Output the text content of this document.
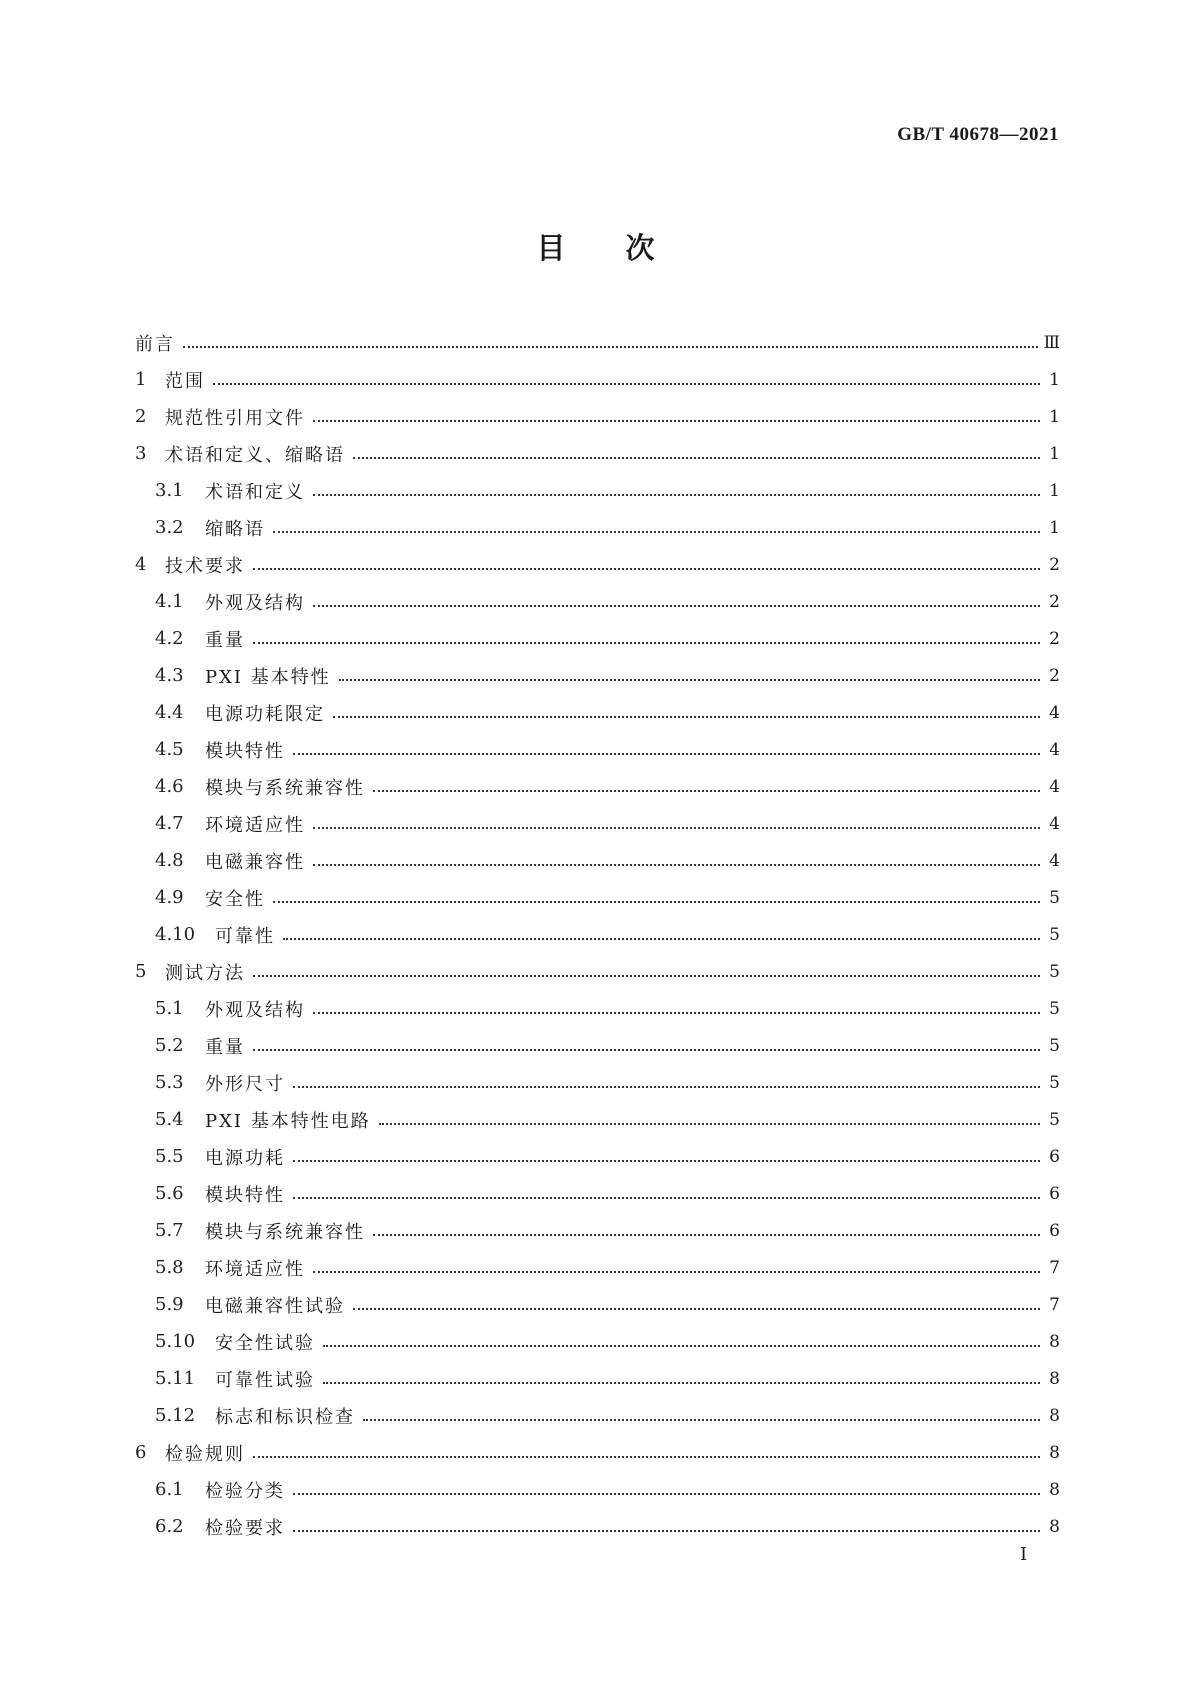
GB/T 40678—2021
目次
前言	Ⅲ
1	范围	1
2	规范性引用文件	1
3	术语和定义、缩略语	1
3.1	术语和定义	1
3.2	缩略语	1
4	技术要求	2
4.1	外观及结构	2
4.2	重量	2
4.3	PXI 基本特性	2
4.4	电源功耗限定	4
4.5	模块特性	4
4.6	模块与系统兼容性	4
4.7	环境适应性	4
4.8	电磁兼容性	4
4.9	安全性	5
4.10	可靠性	5
5	测试方法	5
5.1	外观及结构	5
5.2	重量	5
5.3	外形尺寸	5
5.4	PXI 基本特性电路	5
5.5	电源功耗	6
5.6	模块特性	6
5.7	模块与系统兼容性	6
5.8	环境适应性	7
5.9	电磁兼容性试验	7
5.10	安全性试验	8
5.11	可靠性试验	8
5.12	标志和标识检查	8
6	检验规则	8
6.1	检验分类	8
6.2	检验要求	8
I
